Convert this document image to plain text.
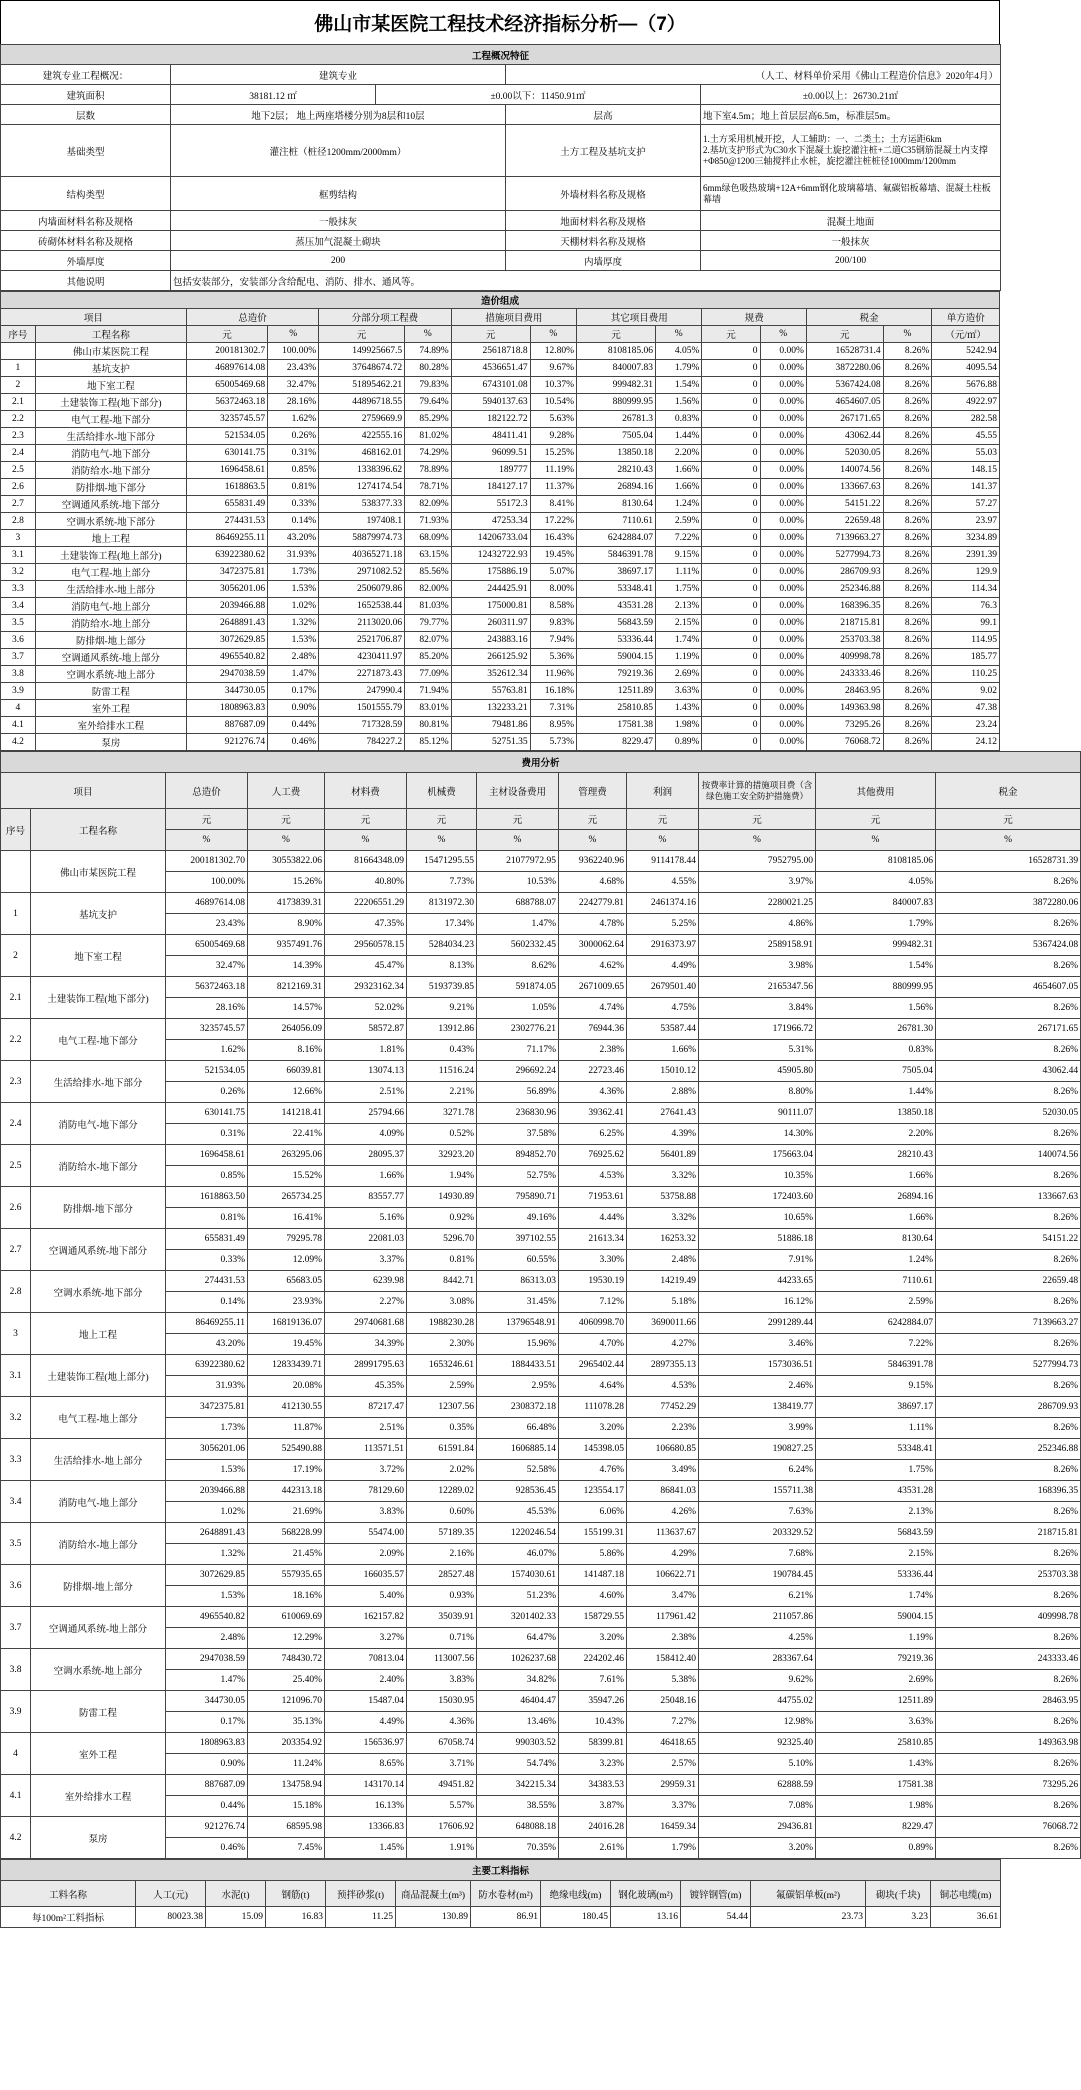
佛山市某医院工程技术经济指标分析—（7）
工程概况特征				
建筑专业工程概况：	建筑专业		（人工、材料单价采用《佛山工程造价信息》2020年4月）	
建筑面积	38181.12 ㎡	±0.00以下：11450.91㎡		±0.00以上：26730.21㎡
层数	地下2层； 地上两座塔楼分别为8层和10层		层高	地下室4.5m；地上首层层高6.5m，标准层5m。
基础类型	灌注桩（桩径1200mm/2000mm）		土方工程及基坑支护	1.土方采用机械开挖，人工辅助：一、二类土；土方运距6km
2.基坑支护形式为C30水下混凝土旋挖灌注桩+二道C35钢筋混凝土内支撑+Φ850@1200三轴搅拌止水桩，旋挖灌注桩桩径1000mm/1200mm
结构类型	框剪结构		外墙材料名称及规格	6mm绿色吸热玻璃+12A+6mm钢化玻璃幕墙、氟碳铝板幕墙、混凝土柱板幕墙
内墙面材料名称及规格	一般抹灰		地面材料名称及规格	混凝土地面
砖砌体材料名称及规格	蒸压加气混凝土砌块		天棚材料名称及规格	一般抹灰
外墙厚度	200		内墙厚度	200/100
其他说明	包括安装部分，安装部分含给配电、消防、排水、通风等。			
造价组成														
项目		总造价		分部分项工程费		措施项目费用		其它项目费用		规费		税金		单方造价
序号	工程名称	元	%	元	%	元	%	元	%	元	%	元	%	（元/㎡）
	佛山市某医院工程	200181302.7	100.00%	149925667.5	74.89%	25618718.8	12.80%	8108185.06	4.05%	0	0.00%	16528731.4	8.26%	5242.94
1	基坑支护	46897614.08	23.43%	37648674.72	80.28%	4536651.47	9.67%	840007.83	1.79%	0	0.00%	3872280.06	8.26%	4095.54
2	地下室工程	65005469.68	32.47%	51895462.21	79.83%	6743101.08	10.37%	999482.31	1.54%	0	0.00%	5367424.08	8.26%	5676.88
2.1	土建装饰工程(地下部分)	56372463.18	28.16%	44896718.55	79.64%	5940137.63	10.54%	880999.95	1.56%	0	0.00%	4654607.05	8.26%	4922.97
2.2	电气工程-地下部分	3235745.57	1.62%	2759669.9	85.29%	182122.72	5.63%	26781.3	0.83%	0	0.00%	267171.65	8.26%	282.58
2.3	生活给排水-地下部分	521534.05	0.26%	422555.16	81.02%	48411.41	9.28%	7505.04	1.44%	0	0.00%	43062.44	8.26%	45.55
2.4	消防电气-地下部分	630141.75	0.31%	468162.01	74.29%	96099.51	15.25%	13850.18	2.20%	0	0.00%	52030.05	8.26%	55.03
2.5	消防给水-地下部分	1696458.61	0.85%	1338396.62	78.89%	189777	11.19%	28210.43	1.66%	0	0.00%	140074.56	8.26%	148.15
2.6	防排烟-地下部分	1618863.5	0.81%	1274174.54	78.71%	184127.17	11.37%	26894.16	1.66%	0	0.00%	133667.63	8.26%	141.37
2.7	空调通风系统-地下部分	655831.49	0.33%	538377.33	82.09%	55172.3	8.41%	8130.64	1.24%	0	0.00%	54151.22	8.26%	57.27
2.8	空调水系统-地下部分	274431.53	0.14%	197408.1	71.93%	47253.34	17.22%	7110.61	2.59%	0	0.00%	22659.48	8.26%	23.97
3	地上工程	86469255.11	43.20%	58879974.73	68.09%	14206733.04	16.43%	6242884.07	7.22%	0	0.00%	7139663.27	8.26%	3234.89
3.1	土建装饰工程(地上部分)	63922380.62	31.93%	40365271.18	63.15%	12432722.93	19.45%	5846391.78	9.15%	0	0.00%	5277994.73	8.26%	2391.39
3.2	电气工程-地上部分	3472375.81	1.73%	2971082.52	85.56%	175886.19	5.07%	38697.17	1.11%	0	0.00%	286709.93	8.26%	129.9
3.3	生活给排水-地上部分	3056201.06	1.53%	2506079.86	82.00%	244425.91	8.00%	53348.41	1.75%	0	0.00%	252346.88	8.26%	114.34
3.4	消防电气-地上部分	2039466.88	1.02%	1652538.44	81.03%	175000.81	8.58%	43531.28	2.13%	0	0.00%	168396.35	8.26%	76.3
3.5	消防给水-地上部分	2648891.43	1.32%	2113020.06	79.77%	260311.97	9.83%	56843.59	2.15%	0	0.00%	218715.81	8.26%	99.1
3.6	防排烟-地上部分	3072629.85	1.53%	2521706.87	82.07%	243883.16	7.94%	53336.44	1.74%	0	0.00%	253703.38	8.26%	114.95
3.7	空调通风系统-地上部分	4965540.82	2.48%	4230411.97	85.20%	266125.92	5.36%	59004.15	1.19%	0	0.00%	409998.78	8.26%	185.77
3.8	空调水系统-地上部分	2947038.59	1.47%	2271873.43	77.09%	352612.34	11.96%	79219.36	2.69%	0	0.00%	243333.46	8.26%	110.25
3.9	防雷工程	344730.05	0.17%	247990.4	71.94%	55763.81	16.18%	12511.89	3.63%	0	0.00%	28463.95	8.26%	9.02
4	室外工程	1808963.83	0.90%	1501555.79	83.01%	132233.21	7.31%	25810.85	1.43%	0	0.00%	149363.98	8.26%	47.38
4.1	室外给排水工程	887687.09	0.44%	717328.59	80.81%	79481.86	8.95%	17581.38	1.98%	0	0.00%	73295.26	8.26%	23.24
4.2	泵房	921276.74	0.46%	784227.2	85.12%	52751.35	5.73%	8229.47	0.89%	0	0.00%	76068.72	8.26%	24.12
费用分析											
项目		总造价	人工费	材料费	机械费	主材设备费用	管理费	利润	按费率计算的措施项目费（含绿色施工安全防护措施费）	其他费用	税金
序号	工程名称	元	元	元	元	元	元	元	元	元	元
		%	%	%	%	%	%	%	%	%	%
	佛山市某医院工程	200181302.70	30553822.06	81664348.09	15471295.55	21077972.95	9362240.96	9114178.44	7952795.00	8108185.06	16528731.39
		100.00%	15.26%	40.80%	7.73%	10.53%	4.68%	4.55%	3.97%	4.05%	8.26%
1	基坑支护	46897614.08	4173839.31	22206551.29	8131972.30	688788.07	2242779.81	2461374.16	2280021.25	840007.83	3872280.06
		23.43%	8.90%	47.35%	17.34%	1.47%	4.78%	5.25%	4.86%	1.79%	8.26%
2	地下室工程	65005469.68	9357491.76	29560578.15	5284034.23	5602332.45	3000062.64	2916373.97	2589158.91	999482.31	5367424.08
		32.47%	14.39%	45.47%	8.13%	8.62%	4.62%	4.49%	3.98%	1.54%	8.26%
2.1	土建装饰工程(地下部分)	56372463.18	8212169.31	29323162.34	5193739.85	591874.05	2671009.65	2679501.40	2165347.56	880999.95	4654607.05
		28.16%	14.57%	52.02%	9.21%	1.05%	4.74%	4.75%	3.84%	1.56%	8.26%
2.2	电气工程-地下部分	3235745.57	264056.09	58572.87	13912.86	2302776.21	76944.36	53587.44	171966.72	26781.30	267171.65
		1.62%	8.16%	1.81%	0.43%	71.17%	2.38%	1.66%	5.31%	0.83%	8.26%
2.3	生活给排水-地下部分	521534.05	66039.81	13074.13	11516.24	296692.24	22723.46	15010.12	45905.80	7505.04	43062.44
		0.26%	12.66%	2.51%	2.21%	56.89%	4.36%	2.88%	8.80%	1.44%	8.26%
2.4	消防电气-地下部分	630141.75	141218.41	25794.66	3271.78	236830.96	39362.41	27641.43	90111.07	13850.18	52030.05
		0.31%	22.41%	4.09%	0.52%	37.58%	6.25%	4.39%	14.30%	2.20%	8.26%
2.5	消防给水-地下部分	1696458.61	263295.06	28095.37	32923.20	894852.70	76925.62	56401.89	175663.04	28210.43	140074.56
		0.85%	15.52%	1.66%	1.94%	52.75%	4.53%	3.32%	10.35%	1.66%	8.26%
2.6	防排烟-地下部分	1618863.50	265734.25	83557.77	14930.89	795890.71	71953.61	53758.88	172403.60	26894.16	133667.63
		0.81%	16.41%	5.16%	0.92%	49.16%	4.44%	3.32%	10.65%	1.66%	8.26%
2.7	空调通风系统-地下部分	655831.49	79295.78	22081.03	5296.70	397102.55	21613.34	16253.32	51886.18	8130.64	54151.22
		0.33%	12.09%	3.37%	0.81%	60.55%	3.30%	2.48%	7.91%	1.24%	8.26%
2.8	空调水系统-地下部分	274431.53	65683.05	6239.98	8442.71	86313.03	19530.19	14219.49	44233.65	7110.61	22659.48
		0.14%	23.93%	2.27%	3.08%	31.45%	7.12%	5.18%	16.12%	2.59%	8.26%
3	地上工程	86469255.11	16819136.07	29740681.68	1988230.28	13796548.91	4060998.70	3690011.66	2991289.44	6242884.07	7139663.27
		43.20%	19.45%	34.39%	2.30%	15.96%	4.70%	4.27%	3.46%	7.22%	8.26%
3.1	土建装饰工程(地上部分)	63922380.62	12833439.71	28991795.63	1653246.61	1884433.51	2965402.44	2897355.13	1573036.51	5846391.78	5277994.73
		31.93%	20.08%	45.35%	2.59%	2.95%	4.64%	4.53%	2.46%	9.15%	8.26%
3.2	电气工程-地上部分	3472375.81	412130.55	87217.47	12307.56	2308372.18	111078.28	77452.29	138419.77	38697.17	286709.93
		1.73%	11.87%	2.51%	0.35%	66.48%	3.20%	2.23%	3.99%	1.11%	8.26%
3.3	生活给排水-地上部分	3056201.06	525490.88	113571.51	61591.84	1606885.14	145398.05	106680.85	190827.25	53348.41	252346.88
		1.53%	17.19%	3.72%	2.02%	52.58%	4.76%	3.49%	6.24%	1.75%	8.26%
3.4	消防电气-地上部分	2039466.88	442313.18	78129.60	12289.02	928536.45	123554.17	86841.03	155711.38	43531.28	168396.35
		1.02%	21.69%	3.83%	0.60%	45.53%	6.06%	4.26%	7.63%	2.13%	8.26%
3.5	消防给水-地上部分	2648891.43	568228.99	55474.00	57189.35	1220246.54	155199.31	113637.67	203329.52	56843.59	218715.81
		1.32%	21.45%	2.09%	2.16%	46.07%	5.86%	4.29%	7.68%	2.15%	8.26%
3.6	防排烟-地上部分	3072629.85	557935.65	166035.57	28527.48	1574030.61	141487.18	106622.71	190784.45	53336.44	253703.38
		1.53%	18.16%	5.40%	0.93%	51.23%	4.60%	3.47%	6.21%	1.74%	8.26%
3.7	空调通风系统-地上部分	4965540.82	610069.69	162157.82	35039.91	3201402.33	158729.55	117961.42	211057.86	59004.15	409998.78
		2.48%	12.29%	3.27%	0.71%	64.47%	3.20%	2.38%	4.25%	1.19%	8.26%
3.8	空调水系统-地上部分	2947038.59	748430.72	70813.04	113007.56	1026237.68	224202.46	158412.40	283367.64	79219.36	243333.46
		1.47%	25.40%	2.40%	3.83%	34.82%	7.61%	5.38%	9.62%	2.69%	8.26%
3.9	防雷工程	344730.05	121096.70	15487.04	15030.95	46404.47	35947.26	25048.16	44755.02	12511.89	28463.95
		0.17%	35.13%	4.49%	4.36%	13.46%	10.43%	7.27%	12.98%	3.63%	8.26%
4	室外工程	1808963.83	203354.92	156536.97	67058.74	990303.52	58399.81	46418.65	92325.40	25810.85	149363.98
		0.90%	11.24%	8.65%	3.71%	54.74%	3.23%	2.57%	5.10%	1.43%	8.26%
4.1	室外给排水工程	887687.09	134758.94	143170.14	49451.82	342215.34	34383.53	29959.31	62888.59	17581.38	73295.26
		0.44%	15.18%	16.13%	5.57%	38.55%	3.87%	3.37%	7.08%	1.98%	8.26%
4.2	泵房	921276.74	68595.98	13366.83	17606.92	648088.18	24016.28	16459.34	29436.81	8229.47	76068.72
		0.46%	7.45%	1.45%	1.91%	70.35%	2.61%	1.79%	3.20%	0.89%	8.26%
主要工料指标												
工料名称	人工(元)	水泥(t)	钢筋(t)	预拌砂浆(t)	商品混凝土(m³)	防水卷材(m²)	绝缘电线(m)	钢化玻璃(m²)	镀锌钢管(m)	氟碳铝单板(m²)	砌块(千块)	铜芯电缆(m)
每100m²工料指标	80023.38	15.09	16.83	11.25	130.89	86.91	180.45	13.16	54.44	23.73	3.23	36.61
